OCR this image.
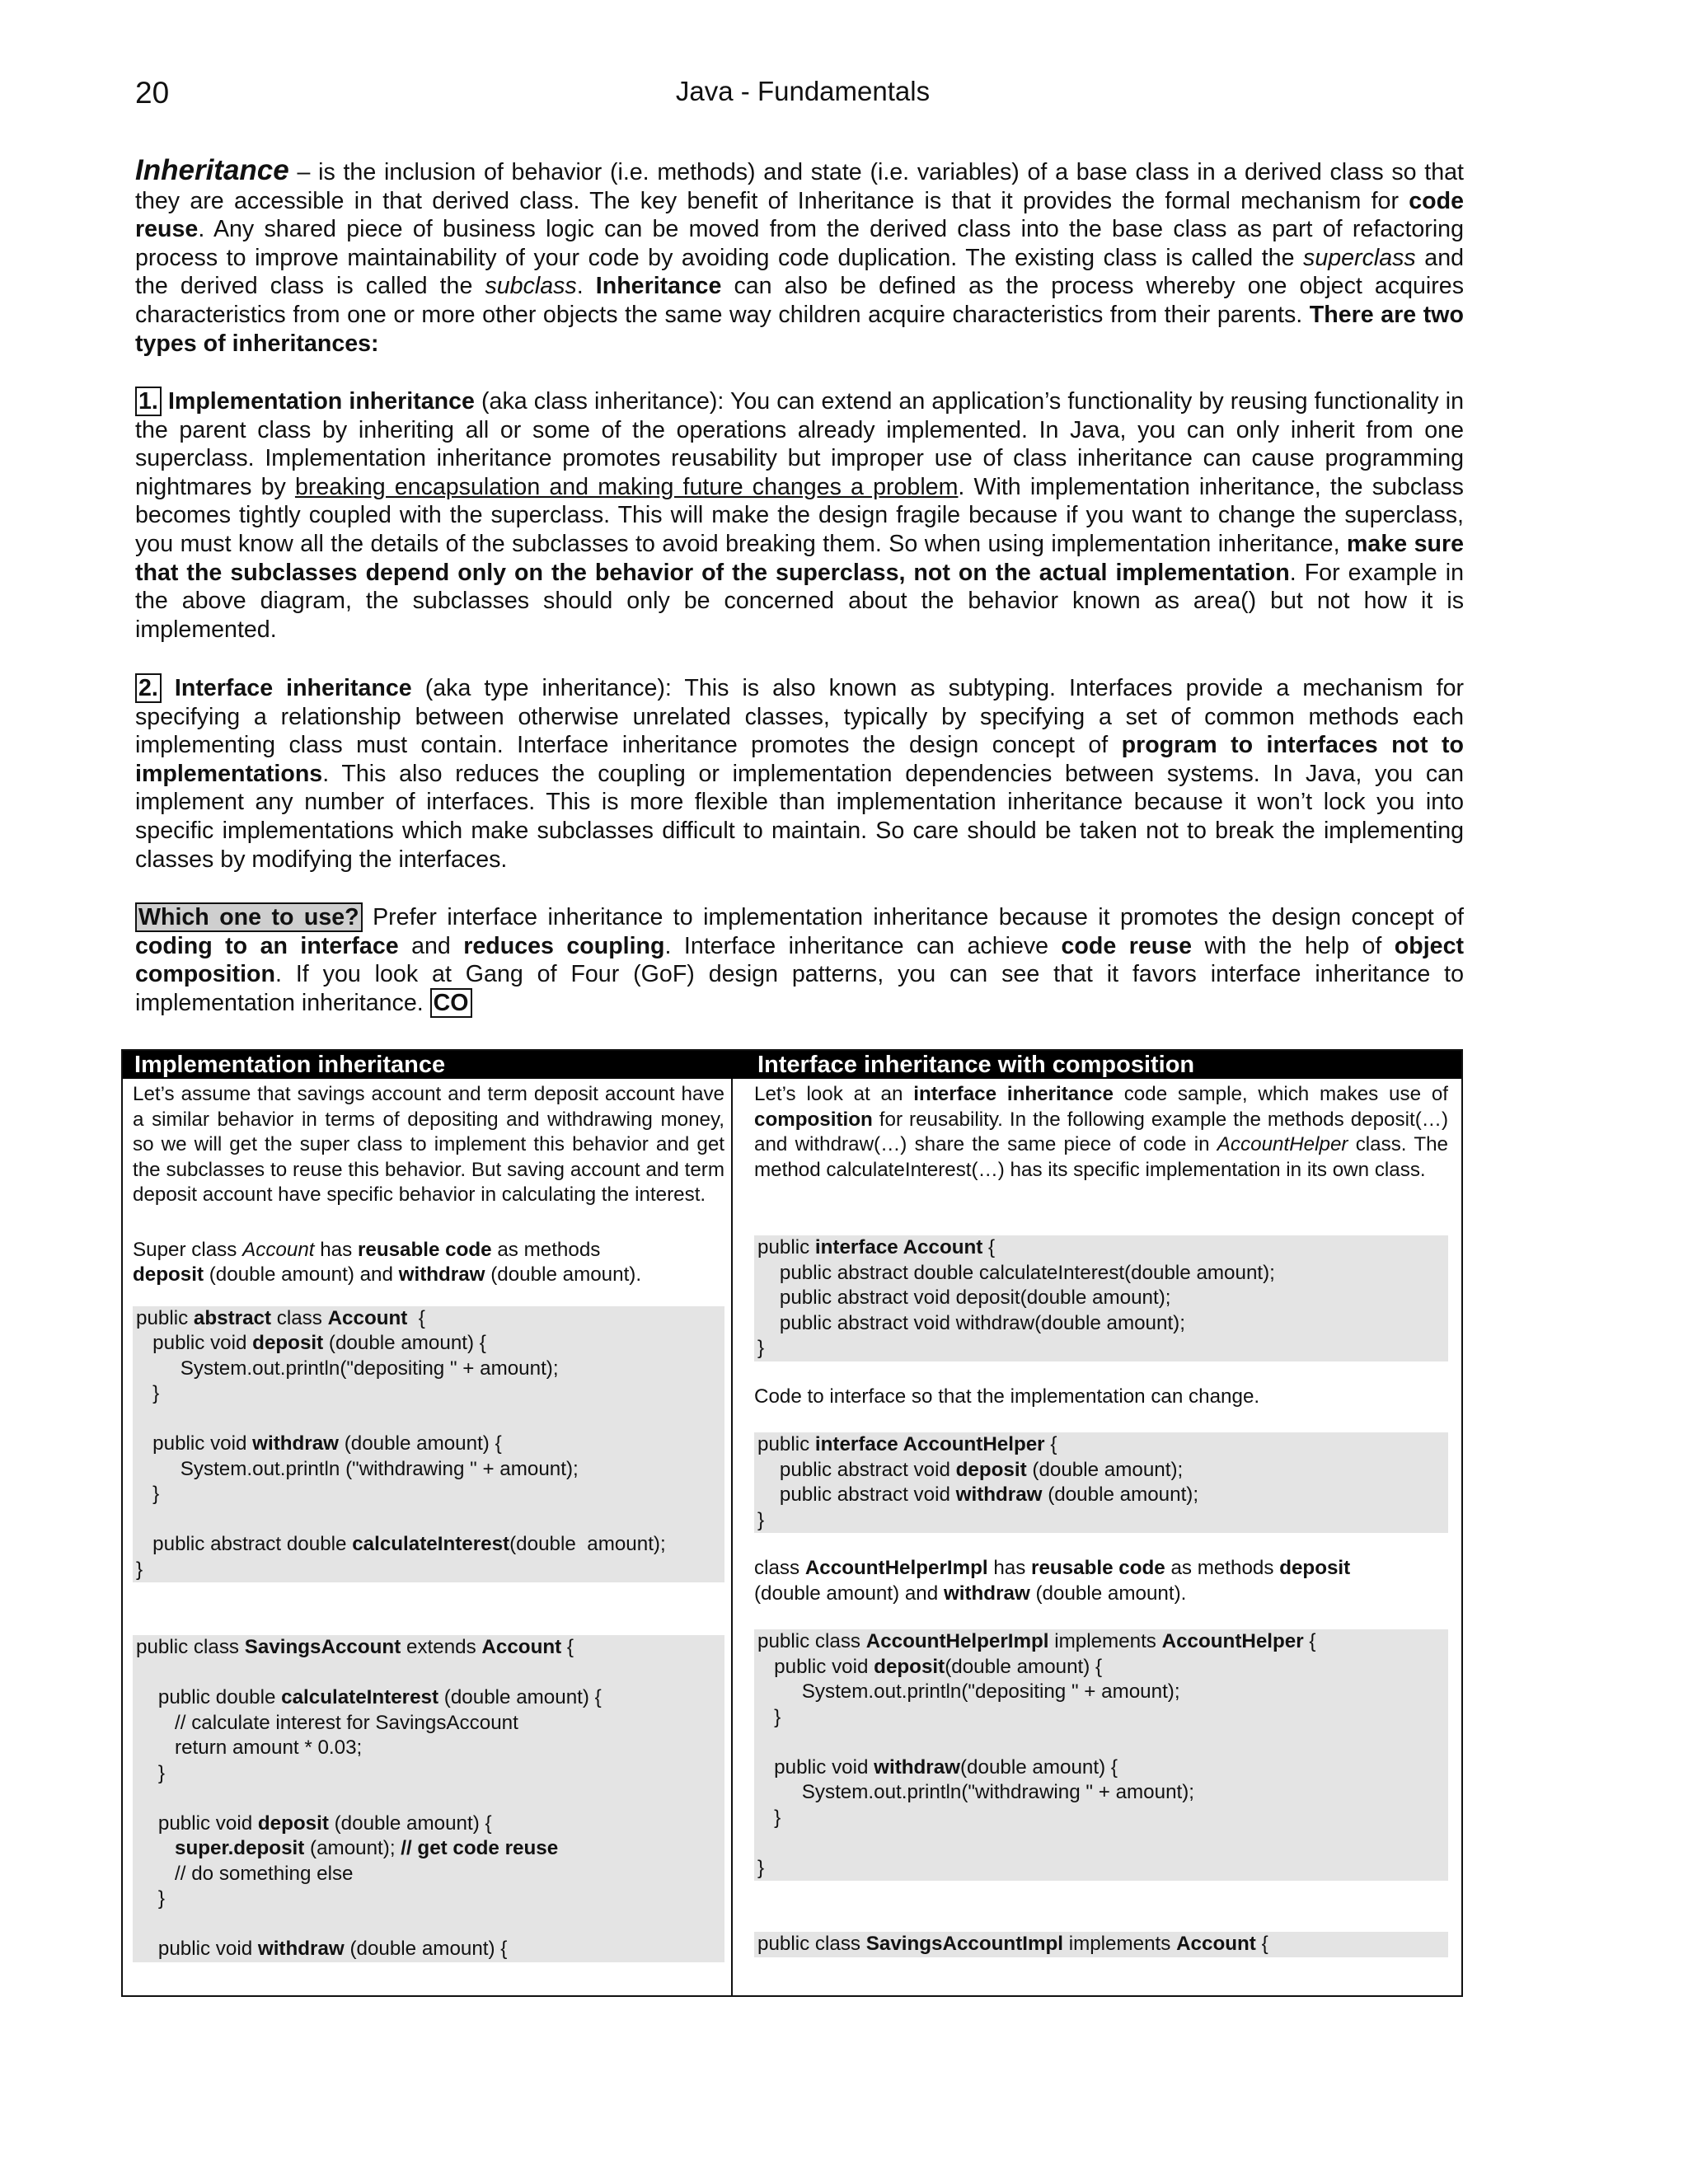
20	Java - Fundamentals

Inheritance – is the inclusion of behavior (i.e. methods) and state (i.e. variables) of a base class in a derived class so that they are accessible in that derived class. The key benefit of Inheritance is that it provides the formal mechanism for code reuse. Any shared piece of business logic can be moved from the derived class into the base class as part of refactoring process to improve maintainability of your code by avoiding code duplication. The existing class is called the superclass and the derived class is called the subclass. Inheritance can also be defined as the process whereby one object acquires characteristics from one or more other objects the same way children acquire characteristics from their parents. There are two types of inheritances:

1. Implementation inheritance (aka class inheritance): You can extend an application’s functionality by reusing functionality in the parent class by inheriting all or some of the operations already implemented. In Java, you can only inherit from one superclass. Implementation inheritance promotes reusability but improper use of class inheritance can cause programming nightmares by breaking encapsulation and making future changes a problem. With implementation inheritance, the subclass becomes tightly coupled with the superclass. This will make the design fragile because if you want to change the superclass, you must know all the details of the subclasses to avoid breaking them. So when using implementation inheritance, make sure that the subclasses depend only on the behavior of the superclass, not on the actual implementation. For example in the above diagram, the subclasses should only be concerned about the behavior known as area() but not how it is implemented.

2. Interface inheritance (aka type inheritance): This is also known as subtyping. Interfaces provide a mechanism for specifying a relationship between otherwise unrelated classes, typically by specifying a set of common methods each implementing class must contain. Interface inheritance promotes the design concept of program to interfaces not to implementations. This also reduces the coupling or implementation dependencies between systems. In Java, you can implement any number of interfaces. This is more flexible than implementation inheritance because it won’t lock you into specific implementations which make subclasses difficult to maintain. So care should be taken not to break the implementing classes by modifying the interfaces.

Which one to use? Prefer interface inheritance to implementation inheritance because it promotes the design concept of coding to an interface and reduces coupling. Interface inheritance can achieve code reuse with the help of object composition. If you look at Gang of Four (GoF) design patterns, you can see that it favors interface inheritance to implementation inheritance. CO

Implementation inheritance	Interface inheritance with composition

Let’s assume that savings account and term deposit account have a similar behavior in terms of depositing and withdrawing money, so we will get the super class to implement this behavior and get the subclasses to reuse this behavior. But saving account and term deposit account have specific behavior in calculating the interest.

Super class Account has reusable code as methods
deposit (double amount) and withdraw (double amount).

public abstract class Account  {
public void deposit (double amount) {
System.out.println("depositing " + amount);
}

public void withdraw (double amount) {
System.out.println ("withdrawing " + amount);
}

public abstract double calculateInterest(double  amount);
}
public class SavingsAccount extends Account {

public double calculateInterest (double amount) {
// calculate interest for SavingsAccount
return amount * 0.03;
}

public void deposit (double amount) {
super.deposit (amount); // get code reuse
// do something else
}

public void withdraw (double amount) {

Let’s look at an interface inheritance code sample, which makes use of composition for reusability. In the following example the methods deposit(…) and withdraw(…) share the same piece of code in AccountHelper class. The method calculateInterest(…) has its specific implementation in its own class.

public interface Account {
public abstract double calculateInterest(double amount);
public abstract void deposit(double amount);
public abstract void withdraw(double amount);
}

Code to interface so that the implementation can change.

public interface AccountHelper {
public abstract void deposit (double amount);
public abstract void withdraw (double amount);
}

class AccountHelperImpl has reusable code as methods deposit
(double amount) and withdraw (double amount).

public class AccountHelperImpl implements AccountHelper {
public void deposit(double amount) {
System.out.println("depositing " + amount);
}

public void withdraw(double amount) {
System.out.println("withdrawing " + amount);
}

}
public class SavingsAccountImpl implements Account {
